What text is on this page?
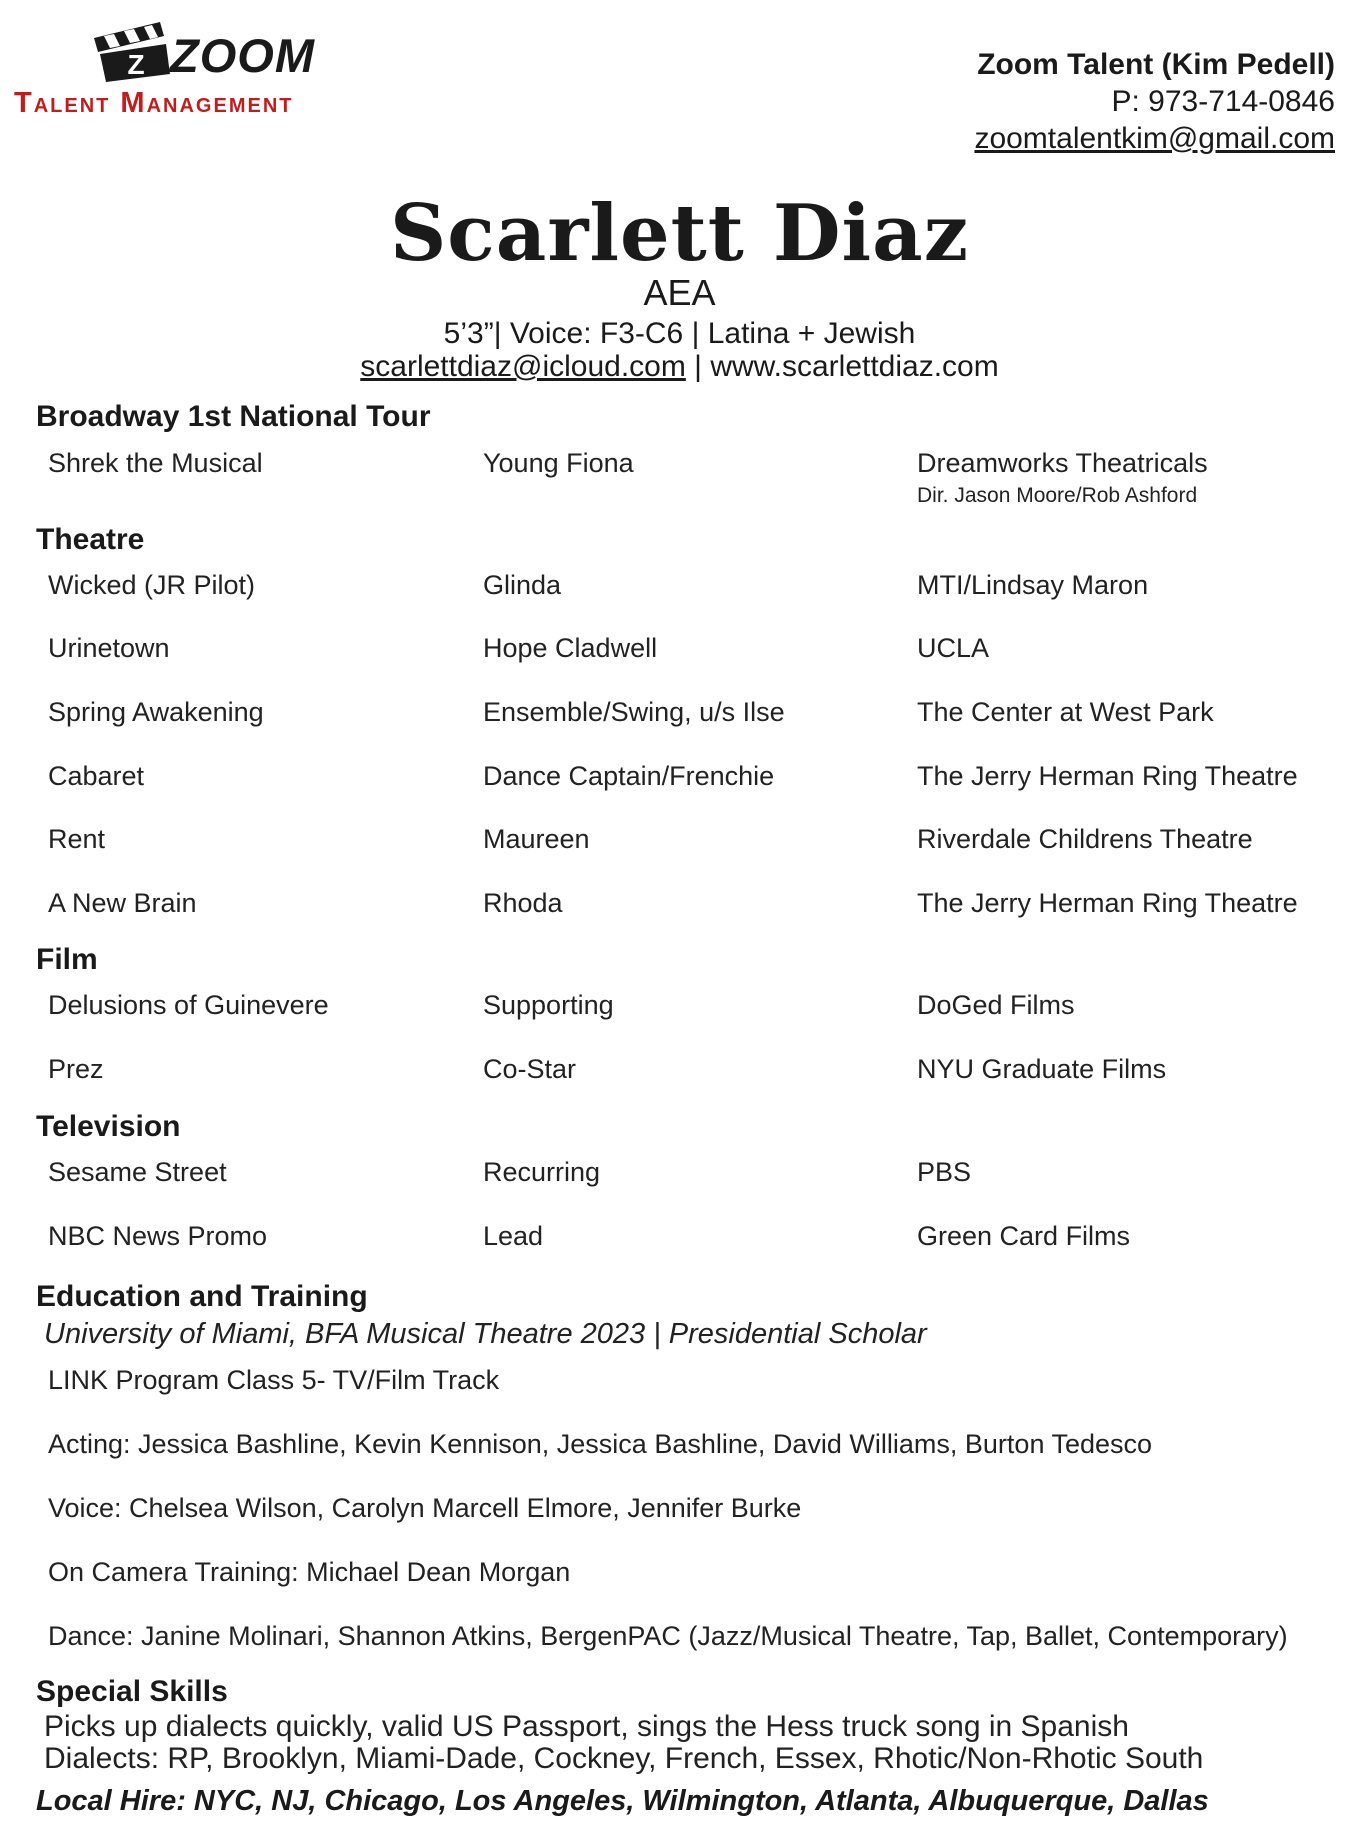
Z ZOOM
Talent Management
Zoom Talent (Kim Pedell)
P: 973-714-0846
zoomtalentkim@gmail.com
Scarlett Diaz
AEA
5’3”| Voice: F3-C6 | Latina + Jewish
scarlettdiaz@icloud.com | www.scarlettdiaz.com
Broadway 1st National Tour
Shrek the Musical	Young Fiona	Dreamworks Theatricals
Dir. Jason Moore/Rob Ashford
Theatre
Wicked (JR Pilot)	Glinda	MTI/Lindsay Maron
Urinetown	Hope Cladwell	UCLA
Spring Awakening	Ensemble/Swing, u/s Ilse	The Center at West Park
Cabaret	Dance Captain/Frenchie	The Jerry Herman Ring Theatre
Rent	Maureen	Riverdale Childrens Theatre
A New Brain	Rhoda	The Jerry Herman Ring Theatre
Film
Delusions of Guinevere	Supporting	DoGed Films
Prez	Co-Star	NYU Graduate Films
Television
Sesame Street	Recurring	PBS
NBC News Promo	Lead	Green Card Films
Education and Training
University of Miami, BFA Musical Theatre 2023 | Presidential Scholar
LINK Program Class 5- TV/Film Track
Acting: Jessica Bashline, Kevin Kennison, Jessica Bashline, David Williams, Burton Tedesco
Voice: Chelsea Wilson, Carolyn Marcell Elmore, Jennifer Burke
On Camera Training: Michael Dean Morgan
Dance: Janine Molinari, Shannon Atkins, BergenPAC (Jazz/Musical Theatre, Tap, Ballet, Contemporary)
Special Skills
Picks up dialects quickly, valid US Passport, sings the Hess truck song in Spanish
Dialects: RP, Brooklyn, Miami-Dade, Cockney, French, Essex, Rhotic/Non-Rhotic South
Local Hire: NYC, NJ, Chicago, Los Angeles, Wilmington, Atlanta, Albuquerque, Dallas
